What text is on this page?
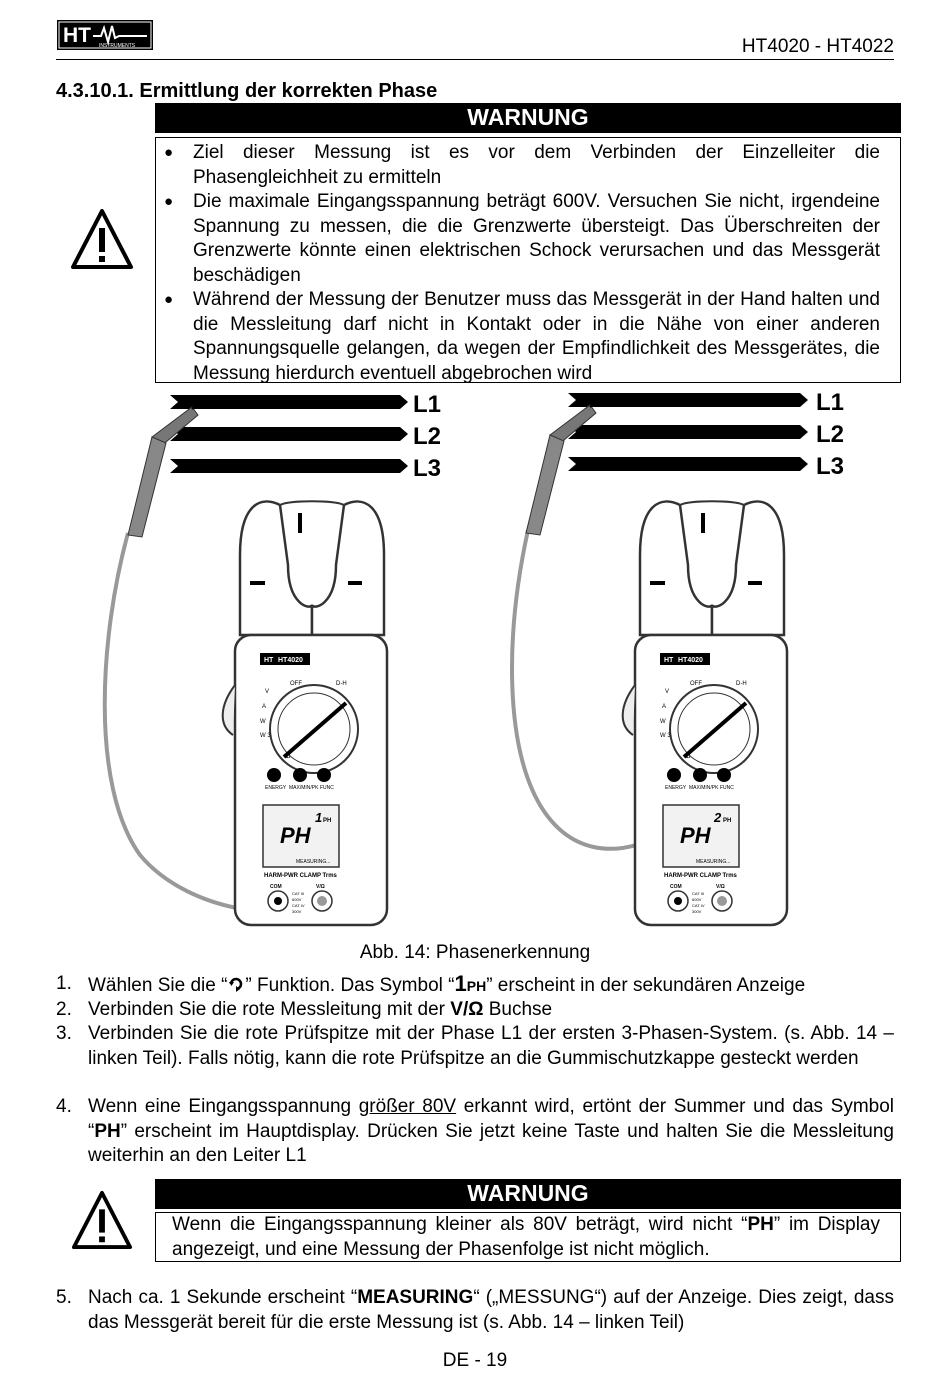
HT INSTRUMENTS	HT4020 - HT4022
4.3.10.1. Ermittlung der korrekten Phase
WARNUNG
● Ziel dieser Messung ist es vor dem Verbinden der Einzelleiter die Phasengleichheit zu ermitteln
● Die maximale Eingangsspannung beträgt 600V. Versuchen Sie nicht, irgendeine Spannung zu messen, die die Grenzwerte übersteigt. Das Überschreiten der Grenzwerte könnte einen elektrischen Schock verursachen und das Messgerät beschädigen
● Während der Messung der Benutzer muss das Messgerät in der Hand halten und die Messleitung darf nicht in Kontakt oder in die Nähe von einer anderen Spannungsquelle gelangen, da wegen der Empfindlichkeit des Messgerätes, die Messung hierdurch eventuell abgebrochen wird
L1
L2
L3
L1
L2
L3
HT HT4020
OFF	D-H
V
A
W
W 3
Ω
ENERGY MAX/MIN/PK FUNC
PH
1 PH
MEASURING...
HARM-PWR CLAMP Trms
COM	V/Ω
CAT III
600V
CAT IV
300V
HT HT4020
OFF	D-H
V
A
W
W 3
Ω
ENERGY MAX/MIN/PK FUNC
PH
2 PH
MEASURING...
HARM-PWR CLAMP Trms
COM	V/Ω
CAT III
600V
CAT IV
300V
Abb. 14: Phasenerkennung
1. Wählen Sie die “ ” Funktion. Das Symbol “1PH” erscheint in der sekundären Anzeige
2. Verbinden Sie die rote Messleitung mit der V/Ω Buchse
3. Verbinden Sie die rote Prüfspitze mit der Phase L1 der ersten 3-Phasen-System. (s. Abb. 14 – linken Teil). Falls nötig, kann die rote Prüfspitze an die Gummischutzkappe gesteckt werden
4. Wenn eine Eingangsspannung größer 80V erkannt wird, ertönt der Summer und das Symbol “PH” erscheint im Hauptdisplay. Drücken Sie jetzt keine Taste und halten Sie die Messleitung weiterhin an den Leiter L1
WARNUNG
Wenn die Eingangsspannung kleiner als 80V beträgt, wird nicht “PH” im Display angezeigt, und eine Messung der Phasenfolge ist nicht möglich.
5. Nach ca. 1 Sekunde erscheint “MEASURING“ („MESSUNG“) auf der Anzeige. Dies zeigt, dass das Messgerät bereit für die erste Messung ist (s. Abb. 14 – linken Teil)
DE - 19
